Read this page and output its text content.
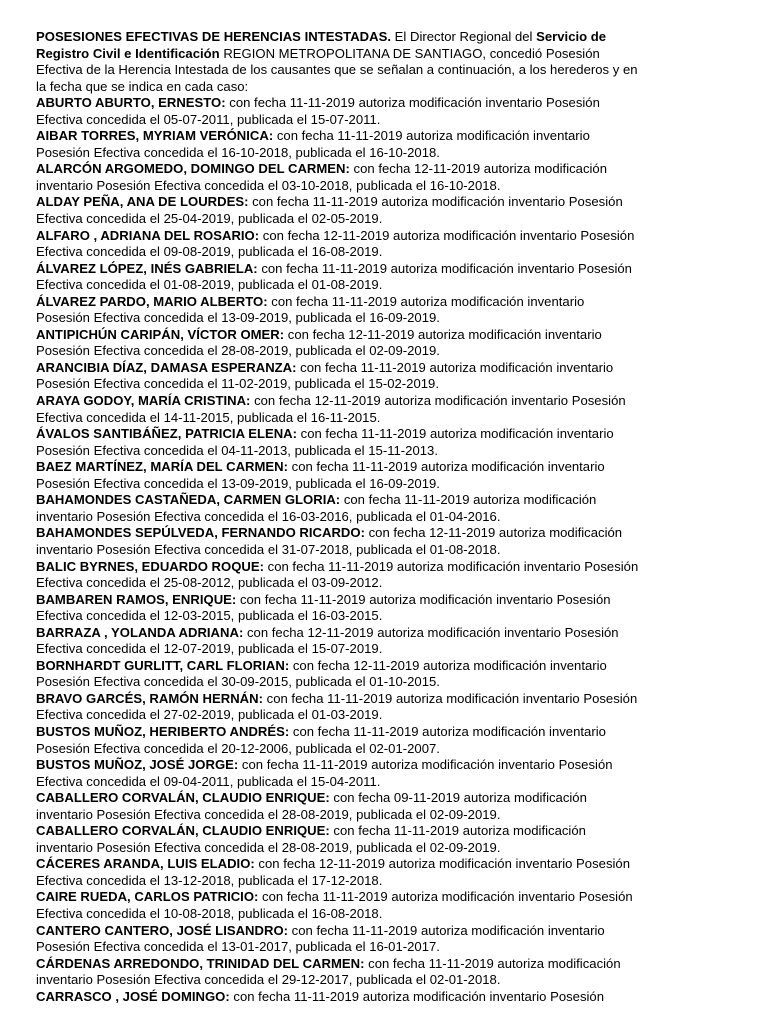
POSESIONES EFECTIVAS DE HERENCIAS INTESTADAS. El Director Regional del Servicio de
Registro Civil e Identificación REGION METROPOLITANA DE SANTIAGO, concedió Posesión
Efectiva de la Herencia Intestada de los causantes que se señalan a continuación, a los herederos y en
la fecha que se indica en cada caso:
ABURTO ABURTO, ERNESTO: con fecha 11-11-2019 autoriza modificación inventario Posesión
Efectiva concedida el 05-07-2011, publicada el 15-07-2011.
AIBAR TORRES, MYRIAM VERÓNICA: con fecha 11-11-2019 autoriza modificación inventario
Posesión Efectiva concedida el 16-10-2018, publicada el 16-10-2018.
ALARCÓN ARGOMEDO, DOMINGO DEL CARMEN: con fecha 12-11-2019 autoriza modificación
inventario Posesión Efectiva concedida el 03-10-2018, publicada el 16-10-2018.
ALDAY PEÑA, ANA DE LOURDES: con fecha 11-11-2019 autoriza modificación inventario Posesión
Efectiva concedida el 25-04-2019, publicada el 02-05-2019.
ALFARO , ADRIANA DEL ROSARIO: con fecha 12-11-2019 autoriza modificación inventario Posesión
Efectiva concedida el 09-08-2019, publicada el 16-08-2019.
ÁLVAREZ LÓPEZ, INÉS GABRIELA: con fecha 11-11-2019 autoriza modificación inventario Posesión
Efectiva concedida el 01-08-2019, publicada el 01-08-2019.
ÁLVAREZ PARDO, MARIO ALBERTO: con fecha 11-11-2019 autoriza modificación inventario
Posesión Efectiva concedida el 13-09-2019, publicada el 16-09-2019.
ANTIPICHÚN CARIPÁN, VÍCTOR OMER: con fecha 12-11-2019 autoriza modificación inventario
Posesión Efectiva concedida el 28-08-2019, publicada el 02-09-2019.
ARANCIBIA DÍAZ, DAMASA ESPERANZA: con fecha 11-11-2019 autoriza modificación inventario
Posesión Efectiva concedida el 11-02-2019, publicada el 15-02-2019.
ARAYA GODOY, MARÍA CRISTINA: con fecha 12-11-2019 autoriza modificación inventario Posesión
Efectiva concedida el 14-11-2015, publicada el 16-11-2015.
ÁVALOS SANTIBÁÑEZ, PATRICIA ELENA: con fecha 11-11-2019 autoriza modificación inventario
Posesión Efectiva concedida el 04-11-2013, publicada el 15-11-2013.
BAEZ MARTÍNEZ, MARÍA DEL CARMEN: con fecha 11-11-2019 autoriza modificación inventario
Posesión Efectiva concedida el 13-09-2019, publicada el 16-09-2019.
BAHAMONDES CASTAÑEDA, CARMEN GLORIA: con fecha 11-11-2019 autoriza modificación
inventario Posesión Efectiva concedida el 16-03-2016, publicada el 01-04-2016.
BAHAMONDES SEPÚLVEDA, FERNANDO RICARDO: con fecha 12-11-2019 autoriza modificación
inventario Posesión Efectiva concedida el 31-07-2018, publicada el 01-08-2018.
BALIC BYRNES, EDUARDO ROQUE: con fecha 11-11-2019 autoriza modificación inventario Posesión
Efectiva concedida el 25-08-2012, publicada el 03-09-2012.
BAMBAREN RAMOS, ENRIQUE: con fecha 11-11-2019 autoriza modificación inventario Posesión
Efectiva concedida el 12-03-2015, publicada el 16-03-2015.
BARRAZA , YOLANDA ADRIANA: con fecha 12-11-2019 autoriza modificación inventario Posesión
Efectiva concedida el 12-07-2019, publicada el 15-07-2019.
BORNHARDT GURLITT, CARL FLORIAN: con fecha 12-11-2019 autoriza modificación inventario
Posesión Efectiva concedida el 30-09-2015, publicada el 01-10-2015.
BRAVO GARCÉS, RAMÓN HERNÁN: con fecha 11-11-2019 autoriza modificación inventario Posesión
Efectiva concedida el 27-02-2019, publicada el 01-03-2019.
BUSTOS MUÑOZ, HERIBERTO ANDRÉS: con fecha 11-11-2019 autoriza modificación inventario
Posesión Efectiva concedida el 20-12-2006, publicada el 02-01-2007.
BUSTOS MUÑOZ, JOSÉ JORGE: con fecha 11-11-2019 autoriza modificación inventario Posesión
Efectiva concedida el 09-04-2011, publicada el 15-04-2011.
CABALLERO CORVALÁN, CLAUDIO ENRIQUE: con fecha 09-11-2019 autoriza modificación
inventario Posesión Efectiva concedida el 28-08-2019, publicada el 02-09-2019.
CABALLERO CORVALÁN, CLAUDIO ENRIQUE: con fecha 11-11-2019 autoriza modificación
inventario Posesión Efectiva concedida el 28-08-2019, publicada el 02-09-2019.
CÁCERES ARANDA, LUIS ELADIO: con fecha 12-11-2019 autoriza modificación inventario Posesión
Efectiva concedida el 13-12-2018, publicada el 17-12-2018.
CAIRE RUEDA, CARLOS PATRICIO: con fecha 11-11-2019 autoriza modificación inventario Posesión
Efectiva concedida el 10-08-2018, publicada el 16-08-2018.
CANTERO CANTERO, JOSÉ LISANDRO: con fecha 11-11-2019 autoriza modificación inventario
Posesión Efectiva concedida el 13-01-2017, publicada el 16-01-2017.
CÁRDENAS ARREDONDO, TRINIDAD DEL CARMEN: con fecha 11-11-2019 autoriza modificación
inventario Posesión Efectiva concedida el 29-12-2017, publicada el 02-01-2018.
CARRASCO , JOSÉ DOMINGO: con fecha 11-11-2019 autoriza modificación inventario Posesión
